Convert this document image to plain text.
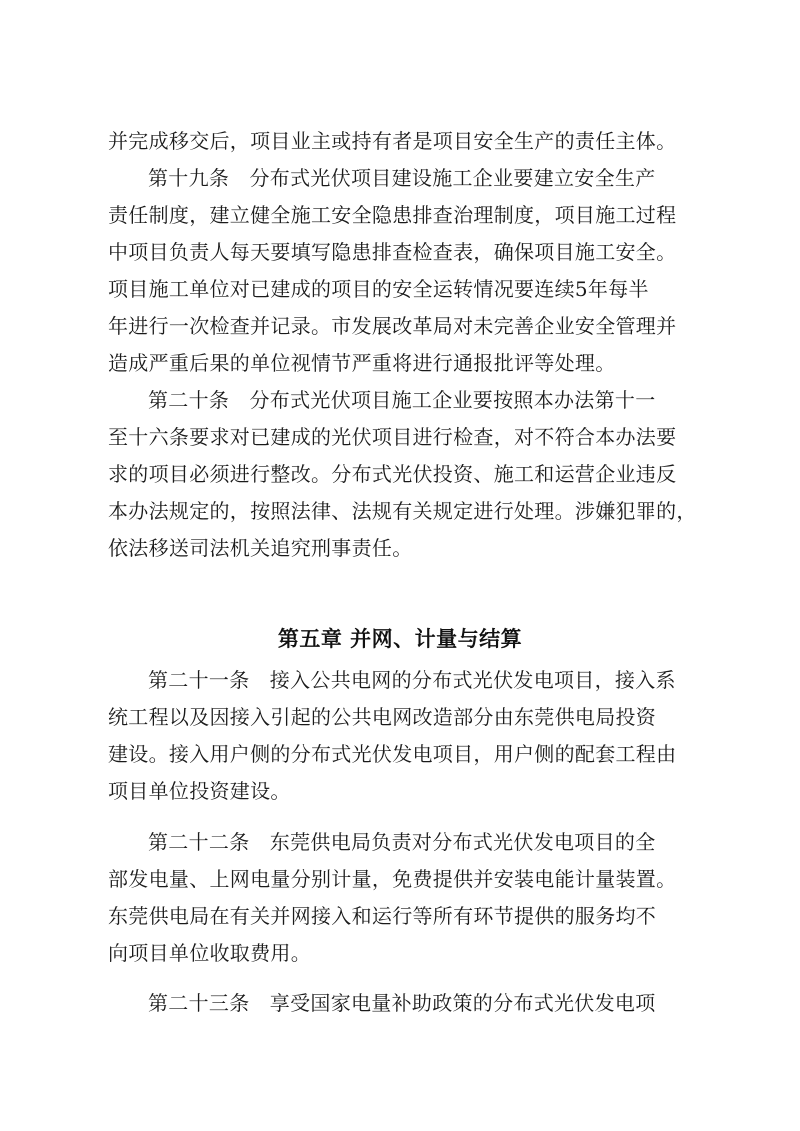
并完成移交后，项目业主或持有者是项目安全生产的责任主体。
第十九条　分布式光伏项目建设施工企业要建立安全生产
责任制度，建立健全施工安全隐患排查治理制度，项目施工过程
中项目负责人每天要填写隐患排查检查表，确保项目施工安全。
项目施工单位对已建成的项目的安全运转情况要连续5年每半
年进行一次检查并记录。市发展改革局对未完善企业安全管理并
造成严重后果的单位视情节严重将进行通报批评等处理。
第二十条　分布式光伏项目施工企业要按照本办法第十一
至十六条要求对已建成的光伏项目进行检查，对不符合本办法要
求的项目必须进行整改。分布式光伏投资、施工和运营企业违反
本办法规定的，按照法律、法规有关规定进行处理。涉嫌犯罪的，
依法移送司法机关追究刑事责任。
第五章 并网、计量与结算
第二十一条　接入公共电网的分布式光伏发电项目，接入系
统工程以及因接入引起的公共电网改造部分由东莞供电局投资
建设。接入用户侧的分布式光伏发电项目，用户侧的配套工程由
项目单位投资建设。
第二十二条　东莞供电局负责对分布式光伏发电项目的全
部发电量、上网电量分别计量，免费提供并安装电能计量装置。
东莞供电局在有关并网接入和运行等所有环节提供的服务均不
向项目单位收取费用。
第二十三条　享受国家电量补助政策的分布式光伏发电项
